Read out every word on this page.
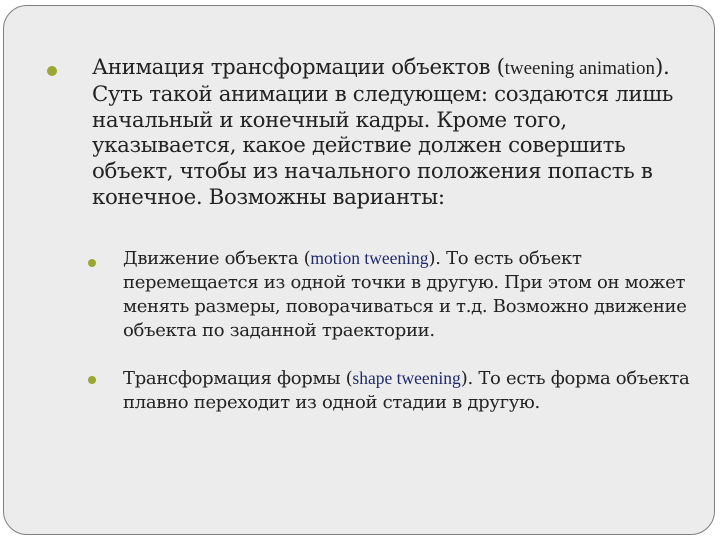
Анимация трансформации объектов (tweening animation). Суть такой анимации в следующем: создаются лишь начальный и конечный кадры. Кроме того, указывается, какое действие должен совершить объект, чтобы из начального положения попасть в конечное. Возможны варианты:
Движение объекта (motion tweening). То есть объект перемещается из одной точки в другую. При этом он может менять размеры, поворачиваться и т.д. Возможно движение объекта по заданной траектории.
Трансформация формы (shape tweening). То есть форма объекта плавно переходит из одной стадии в другую.
